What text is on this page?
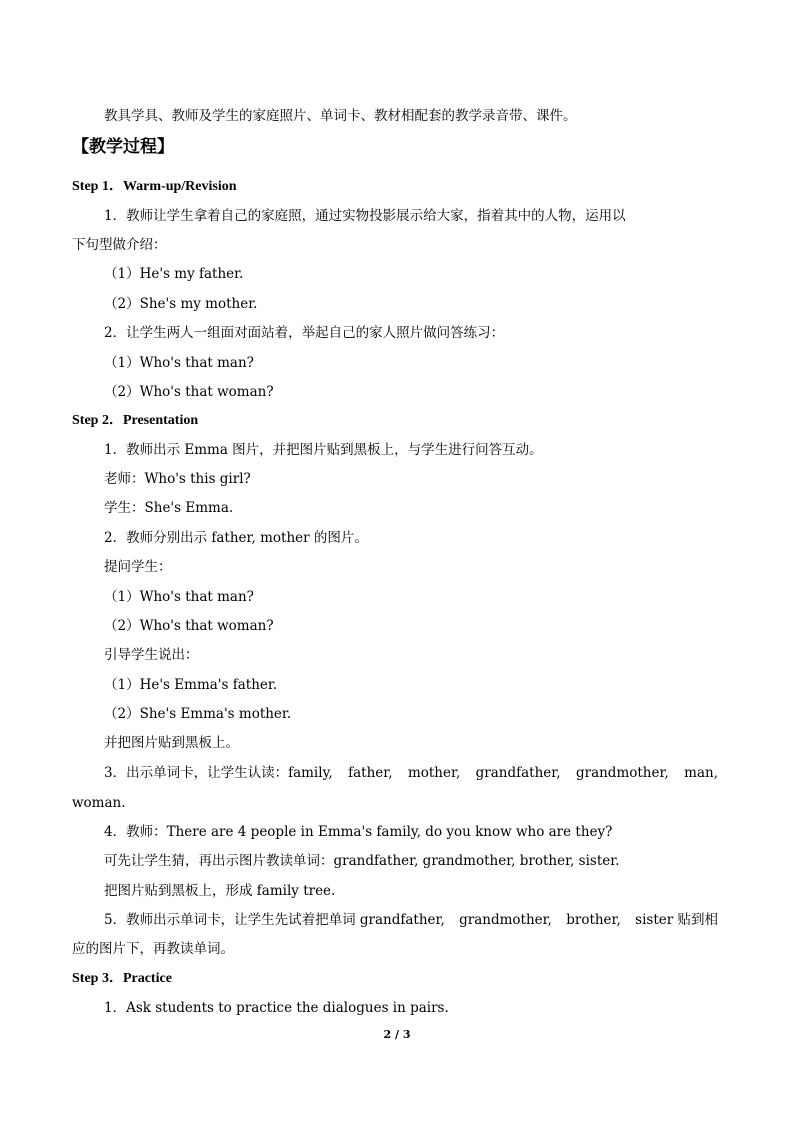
教具学具、教师及学生的家庭照片、单词卡、教材相配套的教学录音带、课件。
【教学过程】
Step 1．Warm-up/Revision
1．教师让学生拿着自己的家庭照，通过实物投影展示给大家，指着其中的人物，运用以
下句型做介绍：
（1）He's my father.
（2）She's my mother.
2．让学生两人一组面对面站着，举起自己的家人照片做问答练习：
（1）Who's that man?
（2）Who's that woman?
Step 2．Presentation
1．教师出示 Emma 图片，并把图片贴到黑板上，与学生进行问答互动。
老师：Who's this girl?
学生：She's Emma.
2．教师分别出示 father, mother 的图片。
提问学生：
（1）Who's that man?
（2）Who's that woman?
引导学生说出：
（1）He's Emma's father.
（2）She's Emma's mother.
并把图片贴到黑板上。
3．出示单词卡，让学生认读：family, father, mother, grandfather, grandmother, man,
woman.
4．教师：There are 4 people in Emma's family, do you know who are they?
可先让学生猜，再出示图片教读单词：grandfather, grandmother, brother, sister.
把图片贴到黑板上，形成 family tree.
5．教师出示单词卡，让学生先试着把单词 grandfather, grandmother, brother, sister 贴到相
应的图片下，再教读单词。
Step 3．Practice
1．Ask students to practice the dialogues in pairs.
2 / 3
